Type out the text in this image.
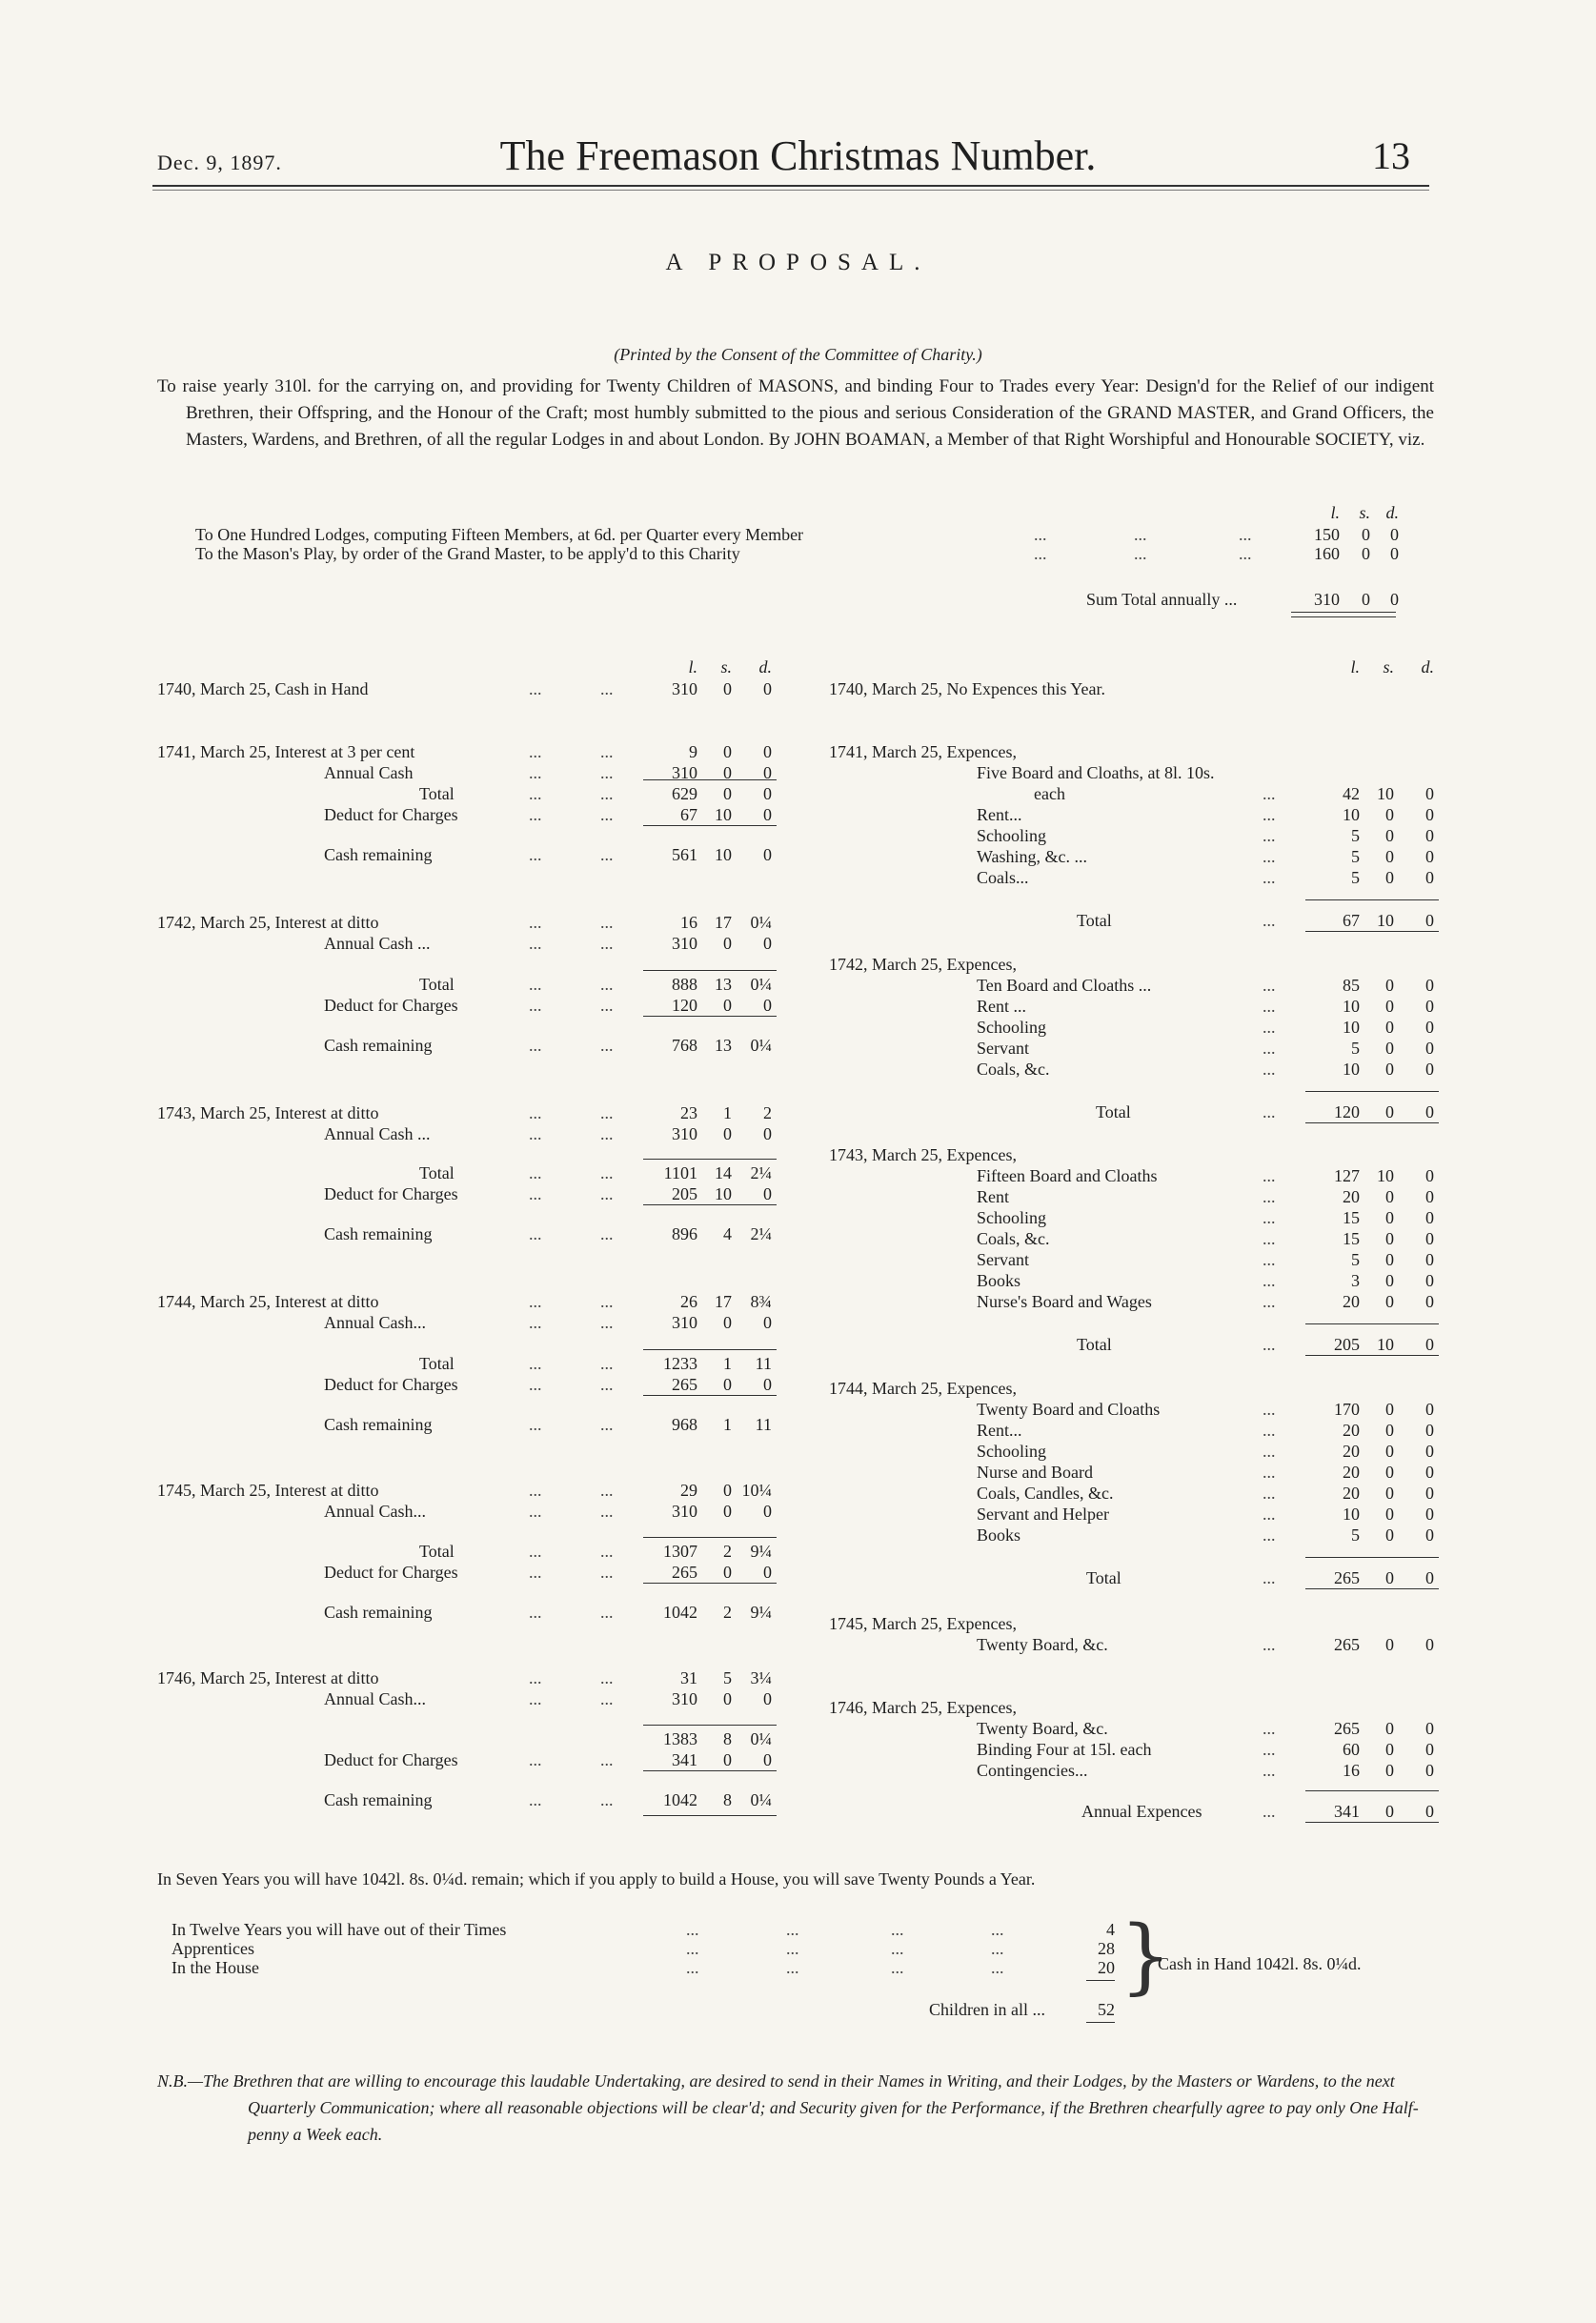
Dec. 9, 1897.	The Freemason Christmas Number.	13
A PROPOSAL.
(Printed by the Consent of the Committee of Charity.)
To raise yearly 310l. for the carrying on, and providing for Twenty Children of MASONS, and binding Four to Trades every Year: Design'd for the Relief of our indigent Brethren, their Offspring, and the Honour of the Craft; most humbly submitted to the pious and serious Consideration of the GRAND MASTER, and Grand Officers, the Masters, Wardens, and Brethren, of all the regular Lodges in and about London. By JOHN BOAMAN, a Member of that Right Worshipful and Honourable SOCIETY, viz.
In Seven Years you will have 1042l. 8s. 0¼d. remain; which if you apply to build a House, you will save Twenty Pounds a Year.
N.B.—The Brethren that are willing to encourage this laudable Undertaking, are desired to send in their Names in Writing, and their Lodges, by the Masters or Wardens, to the next Quarterly Communication; where all reasonable objections will be clear'd; and Security given for the Performance, if the Brethren chearfully agree to pay only One Half-penny a Week each.
l.	s. d.
To One Hundred Lodges, computing Fifteen Members, at 6d. per Quarter every Member	...	...	...	150	0	0
To the Mason's Play, by order of the Grand Master, to be apply'd to this Charity	...	...	...	160	0	0
Sum Total annually ...	310	0	0
l.	s.	d.
1740, March 25, Cash in Hand	...	...	310	0	0
1741, March 25, Interest at 3 per cent	...	...	9	0	0
Annual Cash	...	...	310	0	0
Total	...	...	629	0	0
Deduct for Charges	...	...	67	10	0
Cash remaining	...	...	561	10	0
1742, March 25, Interest at ditto	...	...	16	17	0¼
Annual Cash ...	...	...	310	0	0
Total	...	...	888	13	0¼
Deduct for Charges	...	...	120	0	0
Cash remaining	...	...	768	13	0¼
1743, March 25, Interest at ditto	...	...	23	1	2
Annual Cash ...	...	...	310	0	0
Total	...	...	1101	14	2¼
Deduct for Charges	...	...	205	10	0
Cash remaining	...	...	896	4	2¼
1744, March 25, Interest at ditto	...	...	26	17	8¾
Annual Cash...	...	...	310	0	0
Total	...	...	1233	1	11
Deduct for Charges	...	...	265	0	0
Cash remaining	...	...	968	1	11
1745, March 25, Interest at ditto	...	...	29	0 10¼
Annual Cash...	...	...	310	0	0
Total	...	...	1307	2	9¼
Deduct for Charges	...	...	265	0	0
Cash remaining	...	...	1042	2	9¼
1746, March 25, Interest at ditto	...	...	31	5	3¼
Annual Cash...	...	...	310	0	0
1383	8	0¼
Deduct for Charges	...	...	341	0	0
Cash remaining	...	...	1042	8	0¼
l.	s.	d.
1740, March 25, No Expences this Year.
1741, March 25, Expences,
Five Board and Cloaths, at 8l. 10s.
each	...	42	10	0
Rent...	...	10	0	0
Schooling	...	5	0	0
Washing, &c. ...	...	5	0	0
Coals...	...	5	0	0
Total	...	67	10	0
1742, March 25, Expences,
Ten Board and Cloaths ...	...	85	0	0
Rent ...	...	10	0	0
Schooling	...	10	0	0
Servant	...	5	0	0
Coals, &c.	...	10	0	0
Total	...	120	0	0
1743, March 25, Expences,
Fifteen Board and Cloaths	...	127	10	0
Rent	...	20	0	0
Schooling	...	15	0	0
Coals, &c.	...	15	0	0
Servant	...	5	0	0
Books	...	3	0	0
Nurse's Board and Wages	...	20	0	0
Total	...	205	10	0
1744, March 25, Expences,
Twenty Board and Cloaths	...	170	0	0
Rent...	...	20	0	0
Schooling	...	20	0	0
Nurse and Board	...	20	0	0
Coals, Candles, &c.	...	20	0	0
Servant and Helper	...	10	0	0
Books	...	5	0	0
Total	...	265	0	0
1745, March 25, Expences,
Twenty Board, &c.	...	265	0	0
1746, March 25, Expences,
Twenty Board, &c.	...	265	0	0
Binding Four at 15l. each	...	60	0	0
Contingencies...	...	16	0	0
Annual Expences	...	341	0	0
In Twelve Years you will have out of their Times	...	...	...	...	4
Apprentices	...	...	...	...	28
In the House	...	...	...	...	20
Children in all ...	52
}
Cash in Hand 1042l. 8s. 0¼d.
